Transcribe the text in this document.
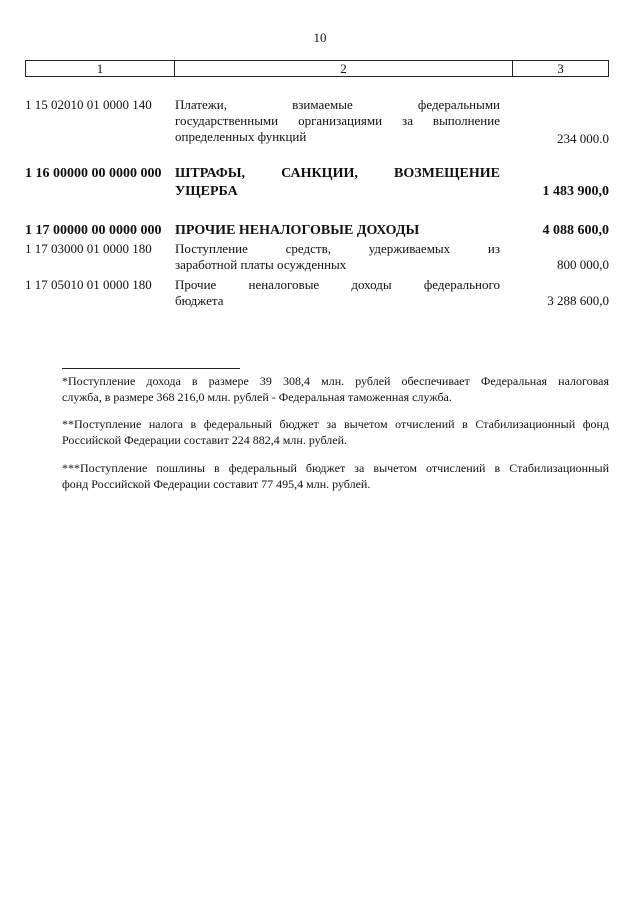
10
1	2	3
1 15 02010 01 0000 140	Платежи, взимаемые федеральными
государственными организациями за выполнение
определенных функций	234 000.0
1 16 00000 00 0000 000 ШТРАФЫ, САНКЦИИ, ВОЗМЕЩЕНИЕ
УЩЕРБА	1 483 900,0
1 17 00000 00 0000 000 ПРОЧИЕ НЕНАЛОГОВЫЕ ДОХОДЫ	4 088 600,0
1 17 03000 01 0000 180	Поступление средств, удерживаемых из
заработной платы осужденных	800 000,0
1 17 05010 01 0000 180	Прочие неналоговые доходы федерального
бюджета	3 288 600,0
*Поступление дохода в размере 39 308,4 млн. рублей обеспечивает Федеральная налоговая
служба, в размере 368 216,0 млн. рублей - Федеральная таможенная служба.
**Поступление налога в федеральный бюджет за вычетом отчислений в Стабилизационный фонд
Российской Федерации составит 224 882,4 млн. рублей.
***Поступление пошлины в федеральный бюджет за вычетом отчислений в Стабилизационный
фонд Российской Федерации составит 77 495,4 млн. рублей.
